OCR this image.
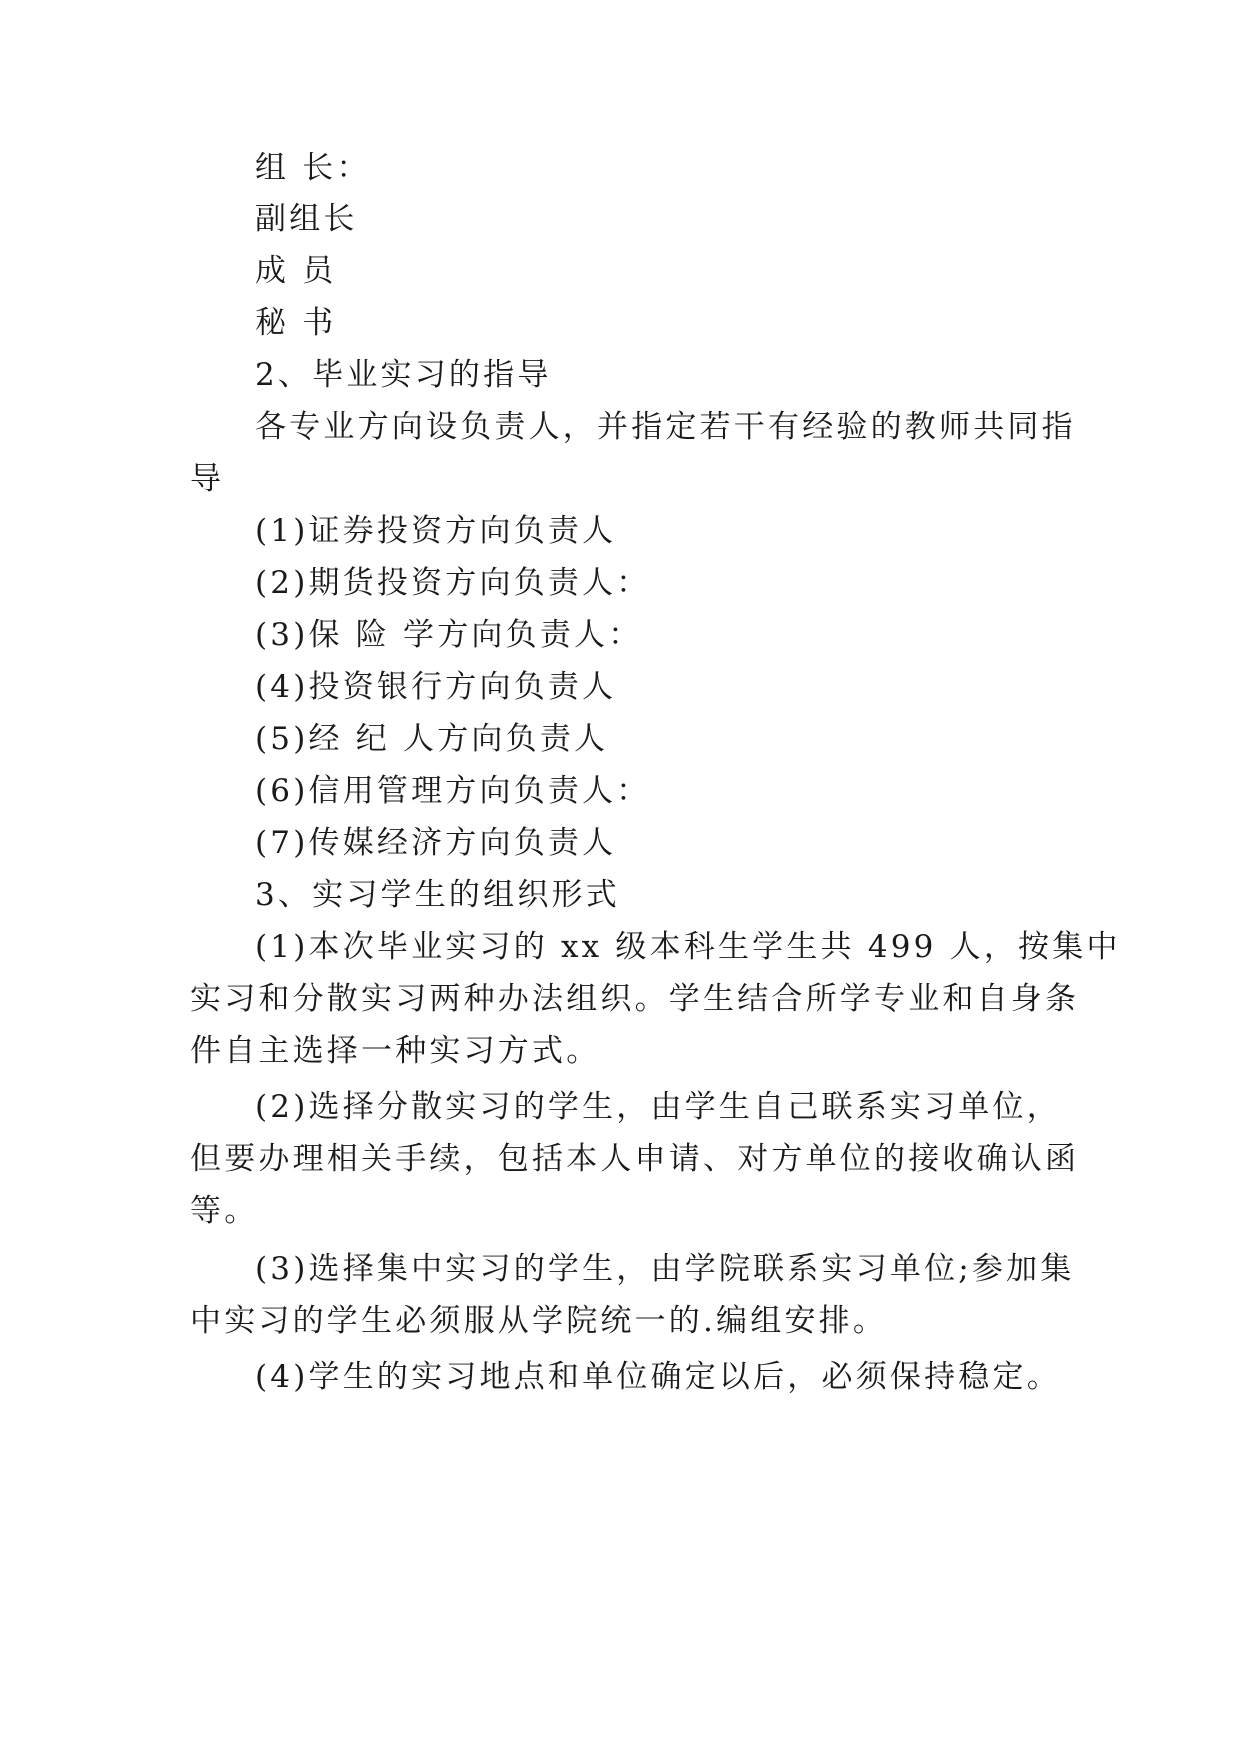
组 长：
副组长
成 员
秘 书
2、毕业实习的指导
各专业方向设负责人，并指定若干有经验的教师共同指
导
(1)证券投资方向负责人
(2)期货投资方向负责人：
(3)保 险 学方向负责人：
(4)投资银行方向负责人
(5)经 纪 人方向负责人
(6)信用管理方向负责人：
(7)传媒经济方向负责人
3、实习学生的组织形式
(1)本次毕业实习的 xx 级本科生学生共 499 人，按集中
实习和分散实习两种办法组织。学生结合所学专业和自身条
件自主选择一种实习方式。
(2)选择分散实习的学生，由学生自己联系实习单位，
但要办理相关手续，包括本人申请、对方单位的接收确认函
等。
(3)选择集中实习的学生，由学院联系实习单位;参加集
中实习的学生必须服从学院统一的.编组安排。
(4)学生的实习地点和单位确定以后，必须保持稳定。
